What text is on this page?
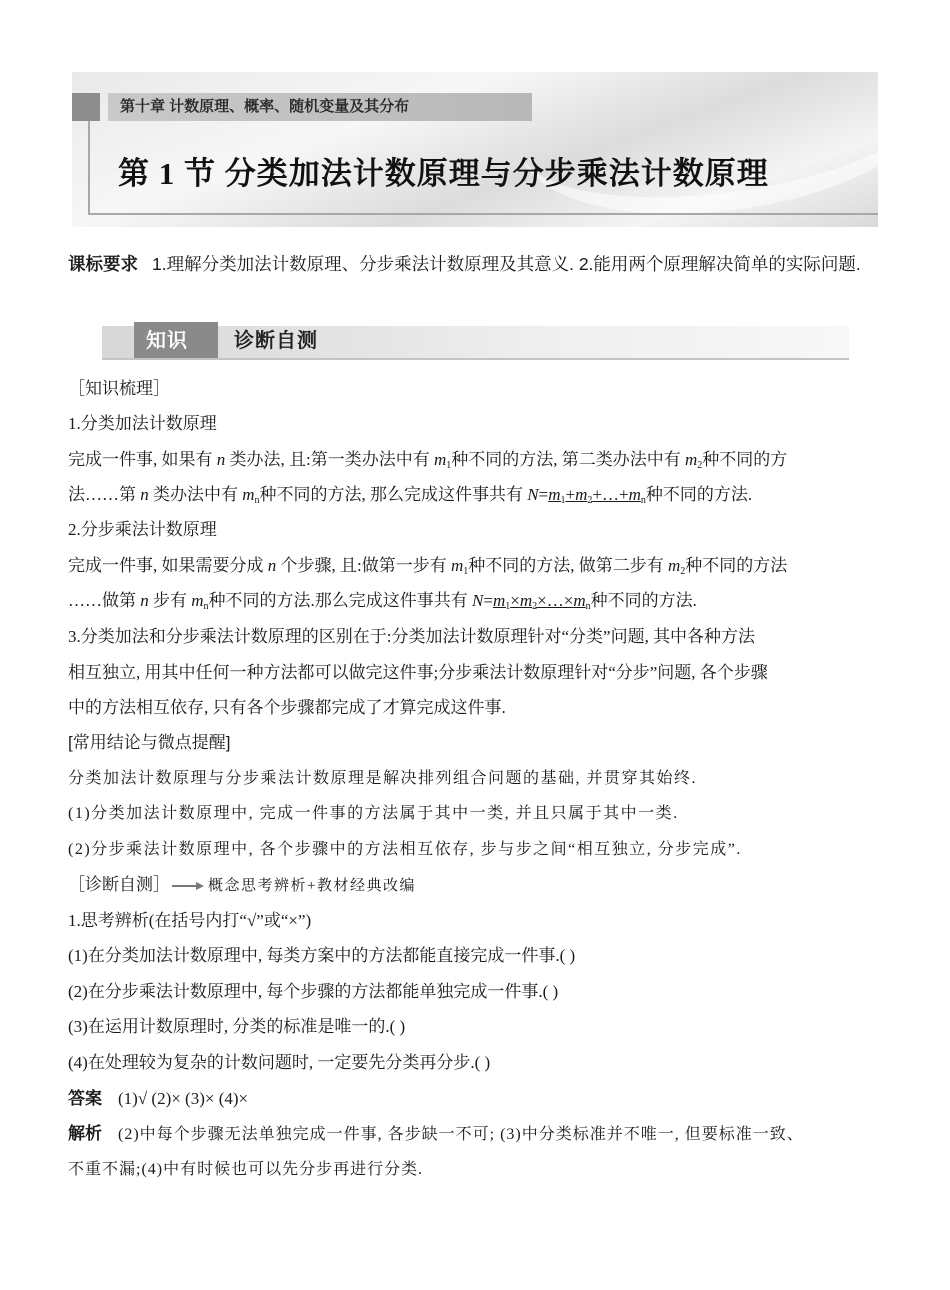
第十章 计数原理、概率、随机变量及其分布
第 1 节 分类加法计数原理与分步乘法计数原理
课标要求 1.理解分类加法计数原理、分步乘法计数原理及其意义. 2.能用两个原理解决简单的实际问题.
知识 诊断自测
［知识梳理］
1.分类加法计数原理
完成一件事, 如果有 n 类办法, 且:第一类办法中有 $m_1$种不同的方法, 第二类办法中有 $m_2$种不同的方
法……第 n 类办法中有 $m_n$种不同的方法, 那么完成这件事共有 $N=m_1+m_2+\dots+m_n$种不同的方法.
2.分步乘法计数原理
完成一件事, 如果需要分成 n 个步骤, 且:做第一步有 $m_1$种不同的方法, 做第二步有 $m_2$种不同的方法
……做第 n 步有 $m_n$种不同的方法.那么完成这件事共有 $N=m_1\times m_2\times\dots\times m_n$种不同的方法.
3.分类加法和分步乘法计数原理的区别在于:分类加法计数原理针对“分类”问题, 其中各种方法
相互独立, 用其中任何一种方法都可以做完这件事;分步乘法计数原理针对“分步”问题, 各个步骤
中的方法相互依存, 只有各个步骤都完成了才算完成这件事.
[常用结论与微点提醒]
分类加法计数原理与分步乘法计数原理是解决排列组合问题的基础, 并贯穿其始终.
(1)分类加法计数原理中, 完成一件事的方法属于其中一类, 并且只属于其中一类.
(2)分步乘法计数原理中, 各个步骤中的方法相互依存, 步与步之间“相互独立, 分步完成”.
［诊断自测］	概念思考辨析+教材经典改编
1.思考辨析(在括号内打“√”或“×”)
(1)在分类加法计数原理中, 每类方案中的方法都能直接完成一件事.( )
(2)在分步乘法计数原理中, 每个步骤的方法都能单独完成一件事.( )
(3)在运用计数原理时, 分类的标准是唯一的.( )
(4)在处理较为复杂的计数问题时, 一定要先分类再分步.( )
答案 (1)√ (2)× (3)× (4)×
解析 (2)中每个步骤无法单独完成一件事, 各步缺一不可; (3)中分类标准并不唯一, 但要标准一致、
不重不漏;(4)中有时候也可以先分步再进行分类.
